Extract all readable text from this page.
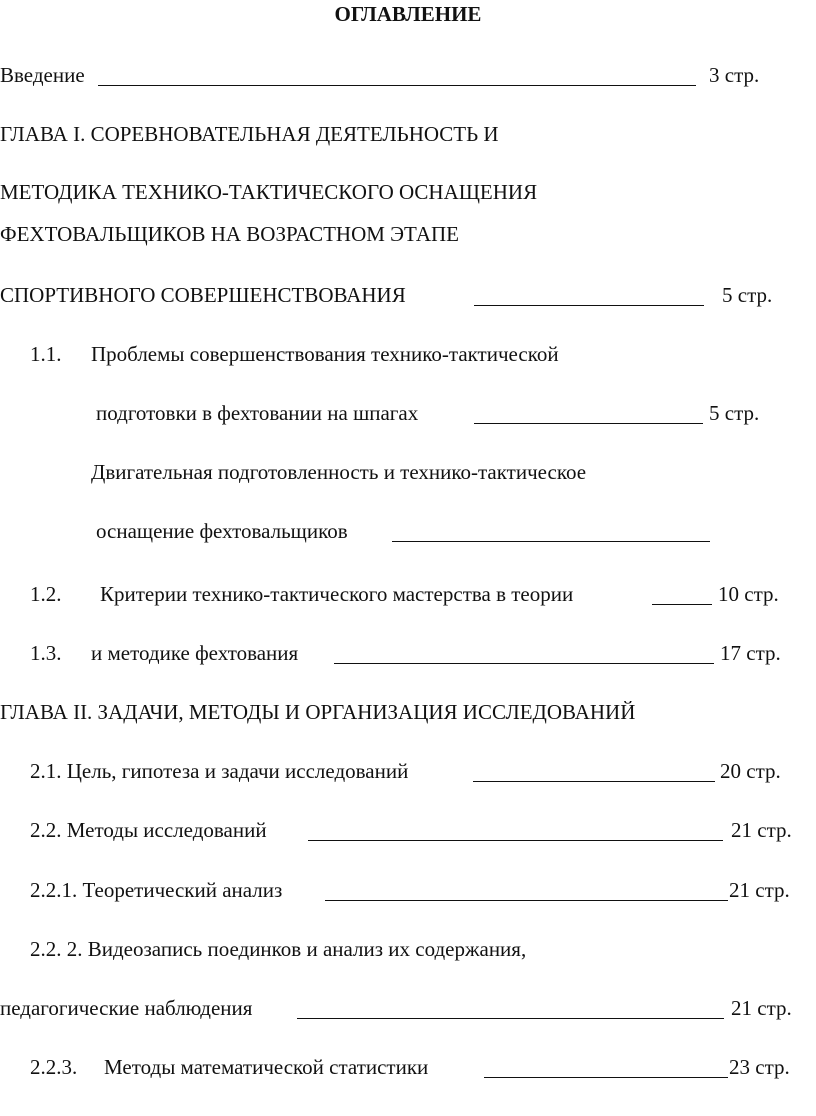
ОГЛАВЛЕНИЕ
Введение	3 стр.
ГЛАВА I. СОРЕВНОВАТЕЛЬНАЯ ДЕЯТЕЛЬНОСТЬ И
МЕТОДИКА ТЕХНИКО-ТАКТИЧЕСКОГО ОСНАЩЕНИЯ
ФЕХТОВАЛЬЩИКОВ НА ВОЗРАСТНОМ ЭТАПЕ
СПОРТИВНОГО СОВЕРШЕНСТВОВАНИЯ	5 стр.
1.1. Проблемы совершенствования технико-тактической
подготовки в фехтовании на шпагах	5 стр.
Двигательная подготовленность и технико-тактическое
оснащение фехтовальщиков
1.2. Критерии технико-тактического мастерства в теории	10 стр.
1.3. и методике фехтования	17 стр.
ГЛАВА II. ЗАДАЧИ, МЕТОДЫ И ОРГАНИЗАЦИЯ ИССЛЕДОВАНИЙ
2.1. Цель, гипотеза и задачи исследований	20 стр.
2.2. Методы исследований	21 стр.
2.2.1. Теоретический анализ	21 стр.
2.2. 2. Видеозапись поединков и анализ их содержания,
педагогические наблюдения	21 стр.
2.2.3. Методы математической статистики	23 стр.
